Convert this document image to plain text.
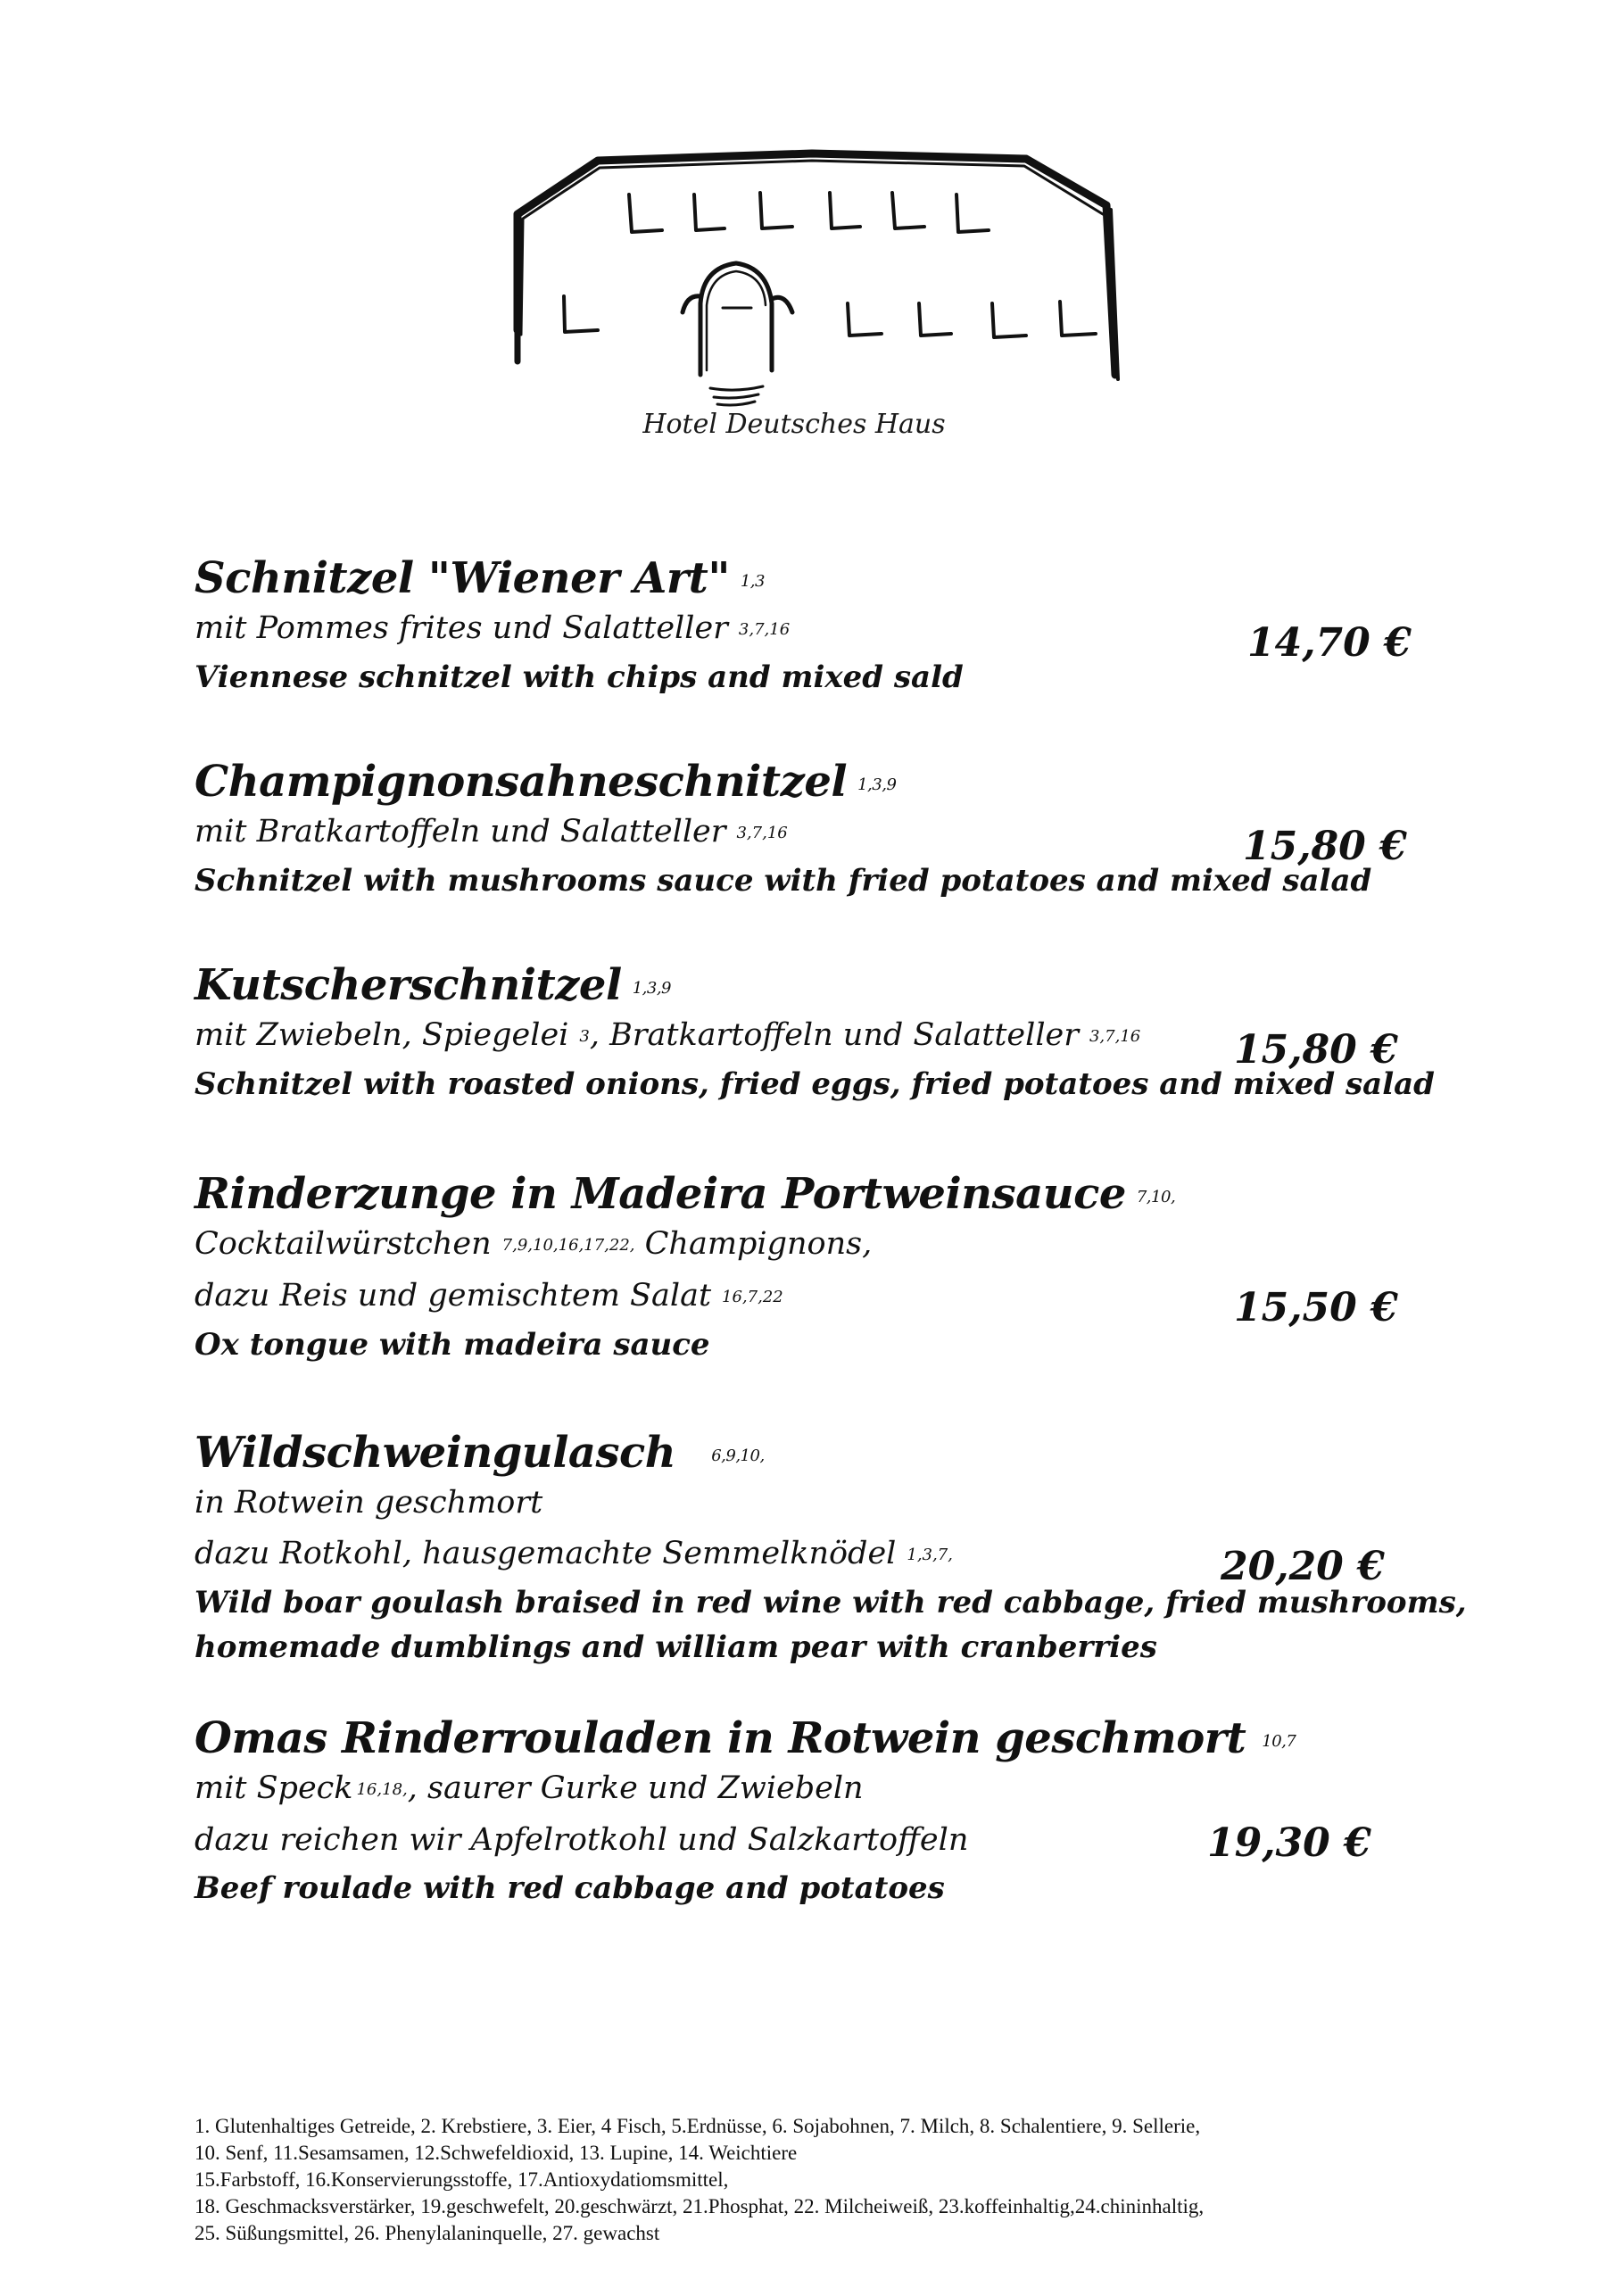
Hotel Deutsches Haus
Schnitzel "Wiener Art" 1,3
mit Pommes frites und Salatteller 3,7,16
Viennese schnitzel with chips and mixed sald
14,70 €
Champignonsahneschnitzel 1,3,9
mit Bratkartoffeln und Salatteller 3,7,16
Schnitzel with mushrooms sauce with fried potatoes and mixed salad
15,80 €
Kutscherschnitzel 1,3,9
mit Zwiebeln, Spiegelei 3, Bratkartoffeln und Salatteller 3,7,16
Schnitzel with roasted onions, fried eggs, fried potatoes and mixed salad
15,80 €
Rinderzunge in Madeira Portweinsauce 7,10,
Cocktailwürstchen 7,9,10,16,17,22, Champignons,
dazu Reis und gemischtem Salat 16,7,22
Ox tongue with madeira sauce
15,50 €
Wildschweingulasch 6,9,10,
in Rotwein geschmort
dazu Rotkohl, hausgemachte Semmelknödel 1,3,7,
Wild boar goulash braised in red wine with red cabbage, fried mushrooms,
homemade dumblings and william pear with cranberries
20,20 €
Omas Rinderrouladen in Rotwein geschmort 10,7
mit Speck 16,18,, saurer Gurke und Zwiebeln
dazu reichen wir Apfelrotkohl und Salzkartoffeln
Beef roulade with red cabbage and potatoes
19,30 €
1. Glutenhaltiges Getreide, 2. Krebstiere, 3. Eier, 4 Fisch, 5.Erdnüsse, 6. Sojabohnen, 7. Milch, 8. Schalentiere, 9. Sellerie,
10. Senf, 11.Sesamsamen, 12.Schwefeldioxid, 13. Lupine, 14. Weichtiere
15.Farbstoff, 16.Konservierungsstoffe, 17.Antioxydatiomsmittel,
18. Geschmacksverstärker, 19.geschwefelt, 20.geschwärzt, 21.Phosphat, 22. Milcheiweiß, 23.koffeinhaltig,24.chininhaltig,
25. Süßungsmittel, 26. Phenylalaninquelle, 27. gewachst
